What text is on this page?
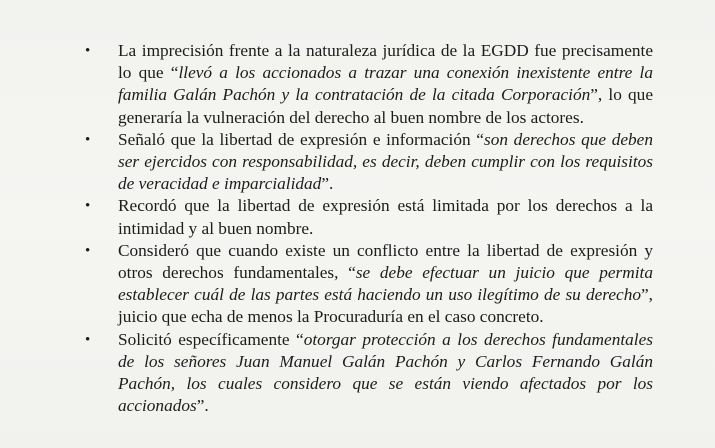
• La imprecisión frente a la naturaleza jurídica de la EGDD fue precisamente lo que “llevó a los accionados a trazar una conexión inexistente entre la familia Galán Pachón y la contratación de la citada Corporación”, lo que generaría la vulneración del derecho al buen nombre de los actores.
• Señaló que la libertad de expresión e información “son derechos que deben ser ejercidos con responsabilidad, es decir, deben cumplir con los requisitos de veracidad e imparcialidad”.
• Recordó que la libertad de expresión está limitada por los derechos a la intimidad y al buen nombre.
• Consideró que cuando existe un conflicto entre la libertad de expresión y otros derechos fundamentales, “se debe efectuar un juicio que permita establecer cuál de las partes está haciendo un uso ilegítimo de su derecho”, juicio que echa de menos la Procuraduría en el caso concreto.
• Solicitó específicamente “otorgar protección a los derechos fundamentales de los señores Juan Manuel Galán Pachón y Carlos Fernando Galán Pachón, los cuales considero que se están viendo afectados por los accionados”.
